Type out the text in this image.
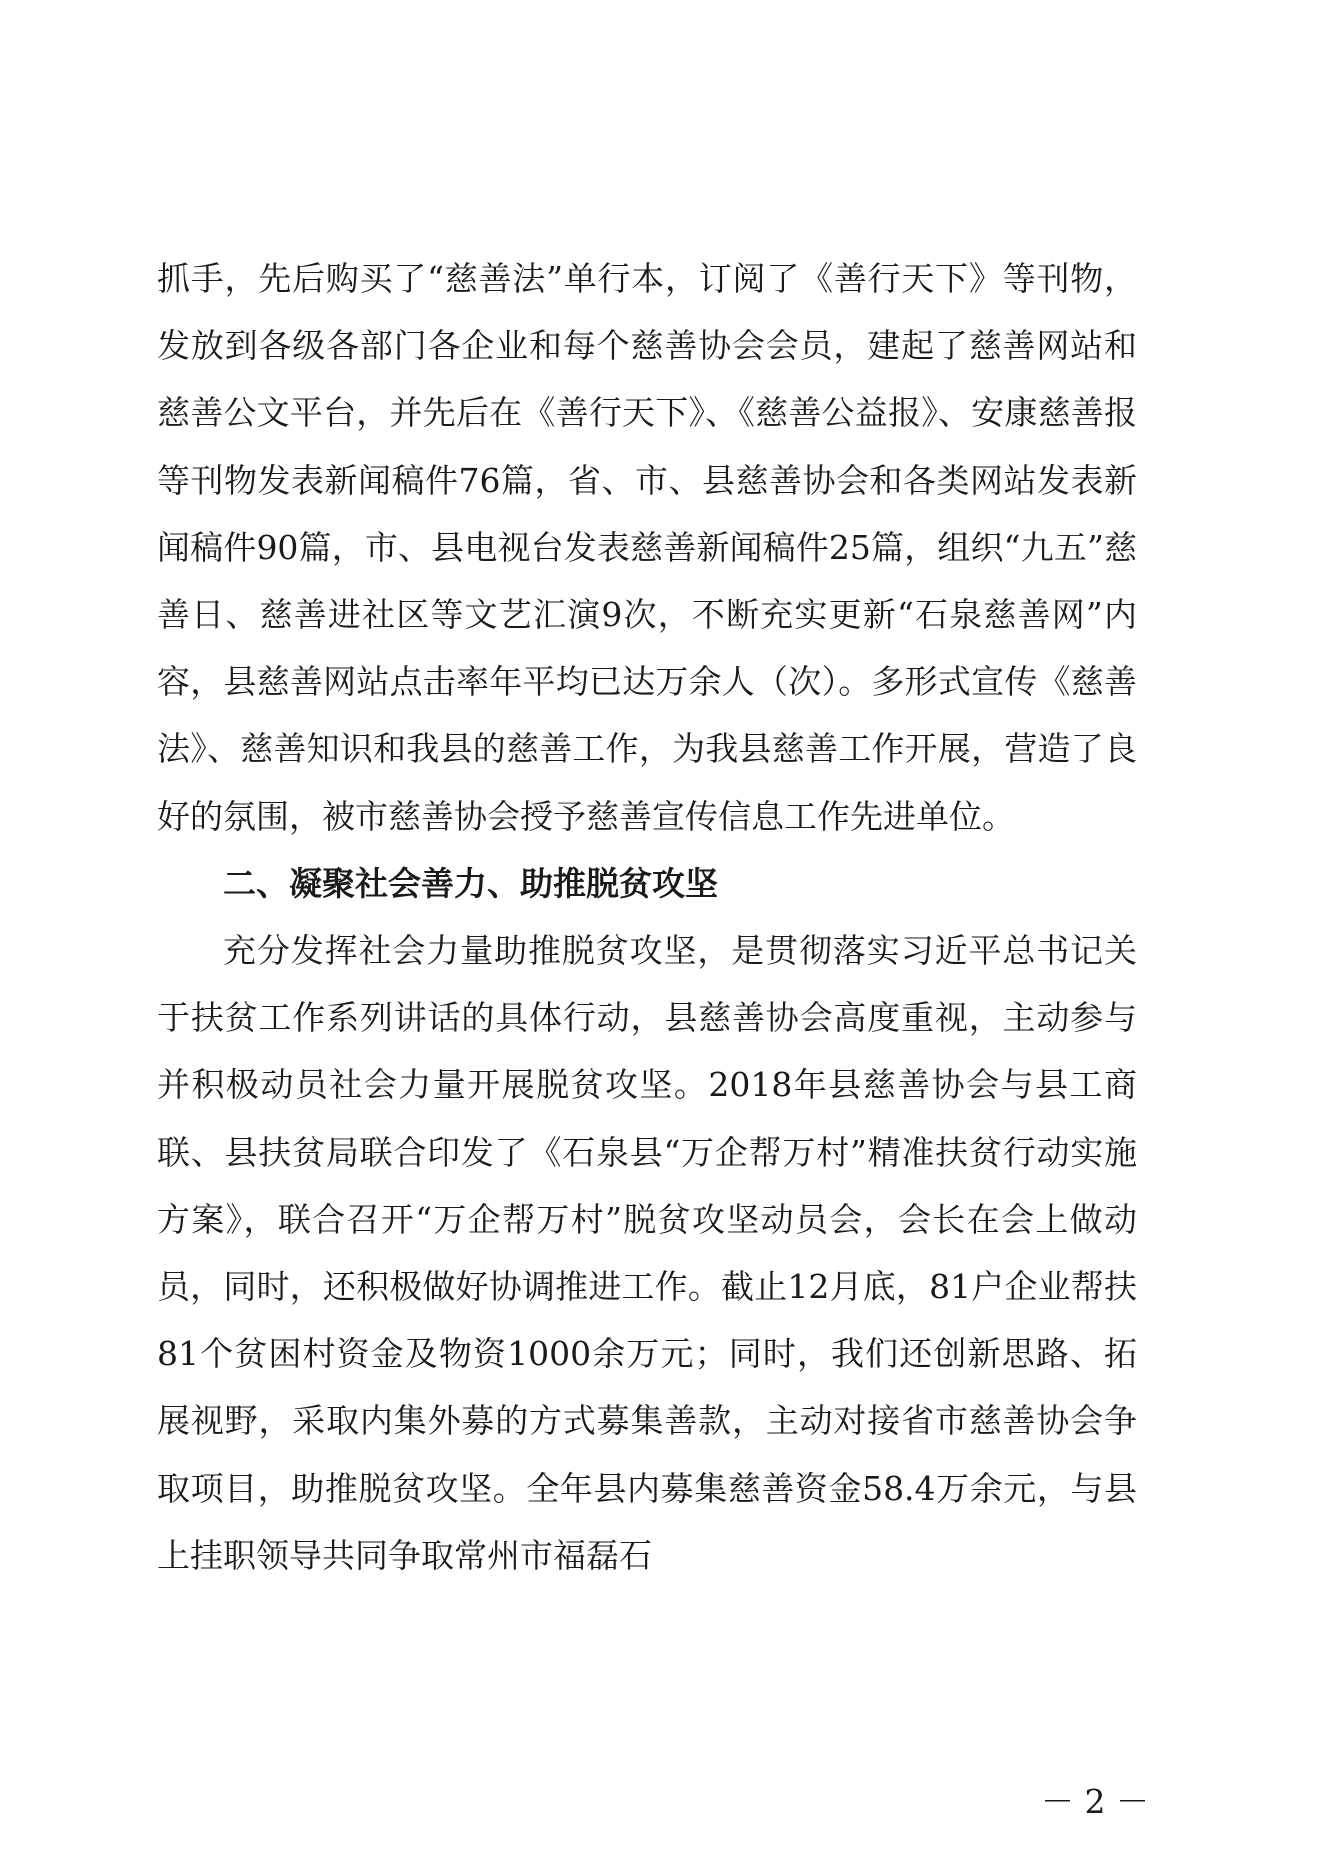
抓手，先后购买了“慈善法”单行本，订阅了《善行天下》等刊物，发放到各级各部门各企业和每个慈善协会会员，建起了慈善网站和慈善公文平台，并先后在《善行天下》、《慈善公益报》、安康慈善报等刊物发表新闻稿件76篇，省、市、县慈善协会和各类网站发表新闻稿件90篇，市、县电视台发表慈善新闻稿件25篇，组织“九五”慈善日、慈善进社区等文艺汇演9次，不断充实更新“石泉慈善网”内容，县慈善网站点击率年平均已达万余人（次）。多形式宣传《慈善法》、慈善知识和我县的慈善工作，为我县慈善工作开展，营造了良好的氛围，被市慈善协会授予慈善宣传信息工作先进单位。

二、凝聚社会善力、助推脱贫攻坚

充分发挥社会力量助推脱贫攻坚，是贯彻落实习近平总书记关于扶贫工作系列讲话的具体行动，县慈善协会高度重视，主动参与并积极动员社会力量开展脱贫攻坚。2018年县慈善协会与县工商联、县扶贫局联合印发了《石泉县“万企帮万村”精准扶贫行动实施方案》，联合召开“万企帮万村”脱贫攻坚动员会，会长在会上做动员，同时，还积极做好协调推进工作。截止12月底，81户企业帮扶81个贫困村资金及物资1000余万元；同时，我们还创新思路、拓展视野，采取内集外募的方式募集善款，主动对接省市慈善协会争取项目，助推脱贫攻坚。全年县内募集慈善资金58.4万余元，与县上挂职领导共同争取常州市福磊石

－ 2 －
